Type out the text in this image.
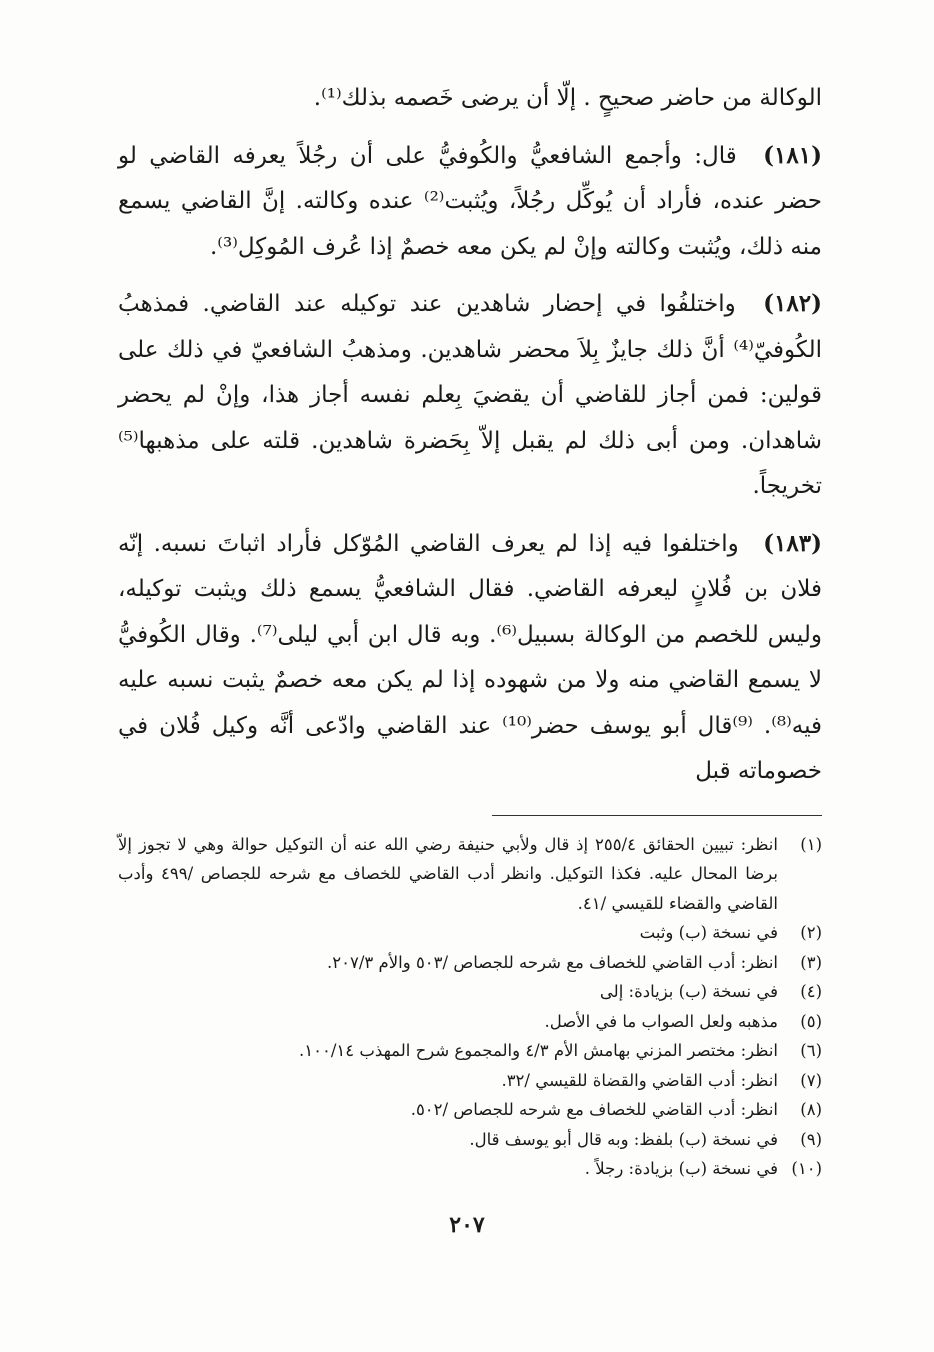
الوكالة من حاضر صحيحٍ . إلّا أن يرضى خَصمه بذلك⁽¹⁾.

(١٨١) قال: وأجمع الشافعيُّ والكُوفيُّ على أن رجُلاً يعرفه القاضي لو حضر عنده، فأراد أن يُوكِّل رجُلاً، ويُثبت⁽²⁾ عنده وكالته. إنَّ القاضي يسمع منه ذلك، ويُثبت وكالته وإنْ لم يكن معه خصمٌ إذا عُرف المُوكِل⁽³⁾.

(١٨٢) واختلفُوا في إحضار شاهدين عند توكيله عند القاضي. فمذهبُ الكُوفيّ⁽⁴⁾ أنَّ ذلك جايزٌ بِلاَ محضر شاهدين. ومذهبُ الشافعيّ في ذلك على قولين: فمن أجاز للقاضي أن يقضيَ بِعلم نفسه أجاز هذا، وإنْ لم يحضر شاهدان. ومن أبى ذلك لم يقبل إلاّ بِحَضرة شاهدين. قلته على مذهبها⁽⁵⁾ تخريجاً.

(١٨٣) واختلفوا فيه إذا لم يعرف القاضي المُوّكل فأراد اثباتَ نسبه. إنّه فلان بن فُلانٍ ليعرفه القاضي. فقال الشافعيُّ يسمع ذلك ويثبت توكيله، وليس للخصم من الوكالة بسبيل⁽⁶⁾. وبه قال ابن أبي ليلى⁽⁷⁾. وقال الكُوفيُّ لا يسمع القاضي منه ولا من شهوده إذا لم يكن معه خصمٌ يثبت نسبه عليه فيه⁽⁸⁾. ⁽⁹⁾قال أبو يوسف حضر⁽¹⁰⁾ عند القاضي وادّعى أنَّه وكيل فُلان في خصوماته قبل

(١)
انظر: تبيين الحقائق ٢٥٥/٤ إذ قال ولأبي حنيفة رضي الله عنه أن التوكيل حوالة وهي لا تجوز إلاّ برضا المحال عليه. فكذا التوكيل. وانظر أدب القاضي للخصاف مع شرحه للجصاص /٤٩٩ وأدب القاضي والقضاء للقيسي /٤١.
(٢)
في نسخة (ب) وثبت
(٣)
انظر: أدب القاضي للخصاف مع شرحه للجصاص /٥٠٣ والأم ٢٠٧/٣.
(٤)
في نسخة (ب) بزيادة: إلى
(٥)
مذهبه ولعل الصواب ما في الأصل.
(٦)
انظر: مختصر المزني بهامش الأم ٤/٣ والمجموع شرح المهذب ١٠٠/١٤.
(٧)
انظر: أدب القاضي والقضاة للقيسي /٣٢.
(٨)
انظر: أدب القاضي للخصاف مع شرحه للجصاص /٥٠٢.
(٩)
في نسخة (ب) بلفظ: وبه قال أبو يوسف قال.
(١٠)
في نسخة (ب) بزيادة: رجلاً .
٢٠٧
